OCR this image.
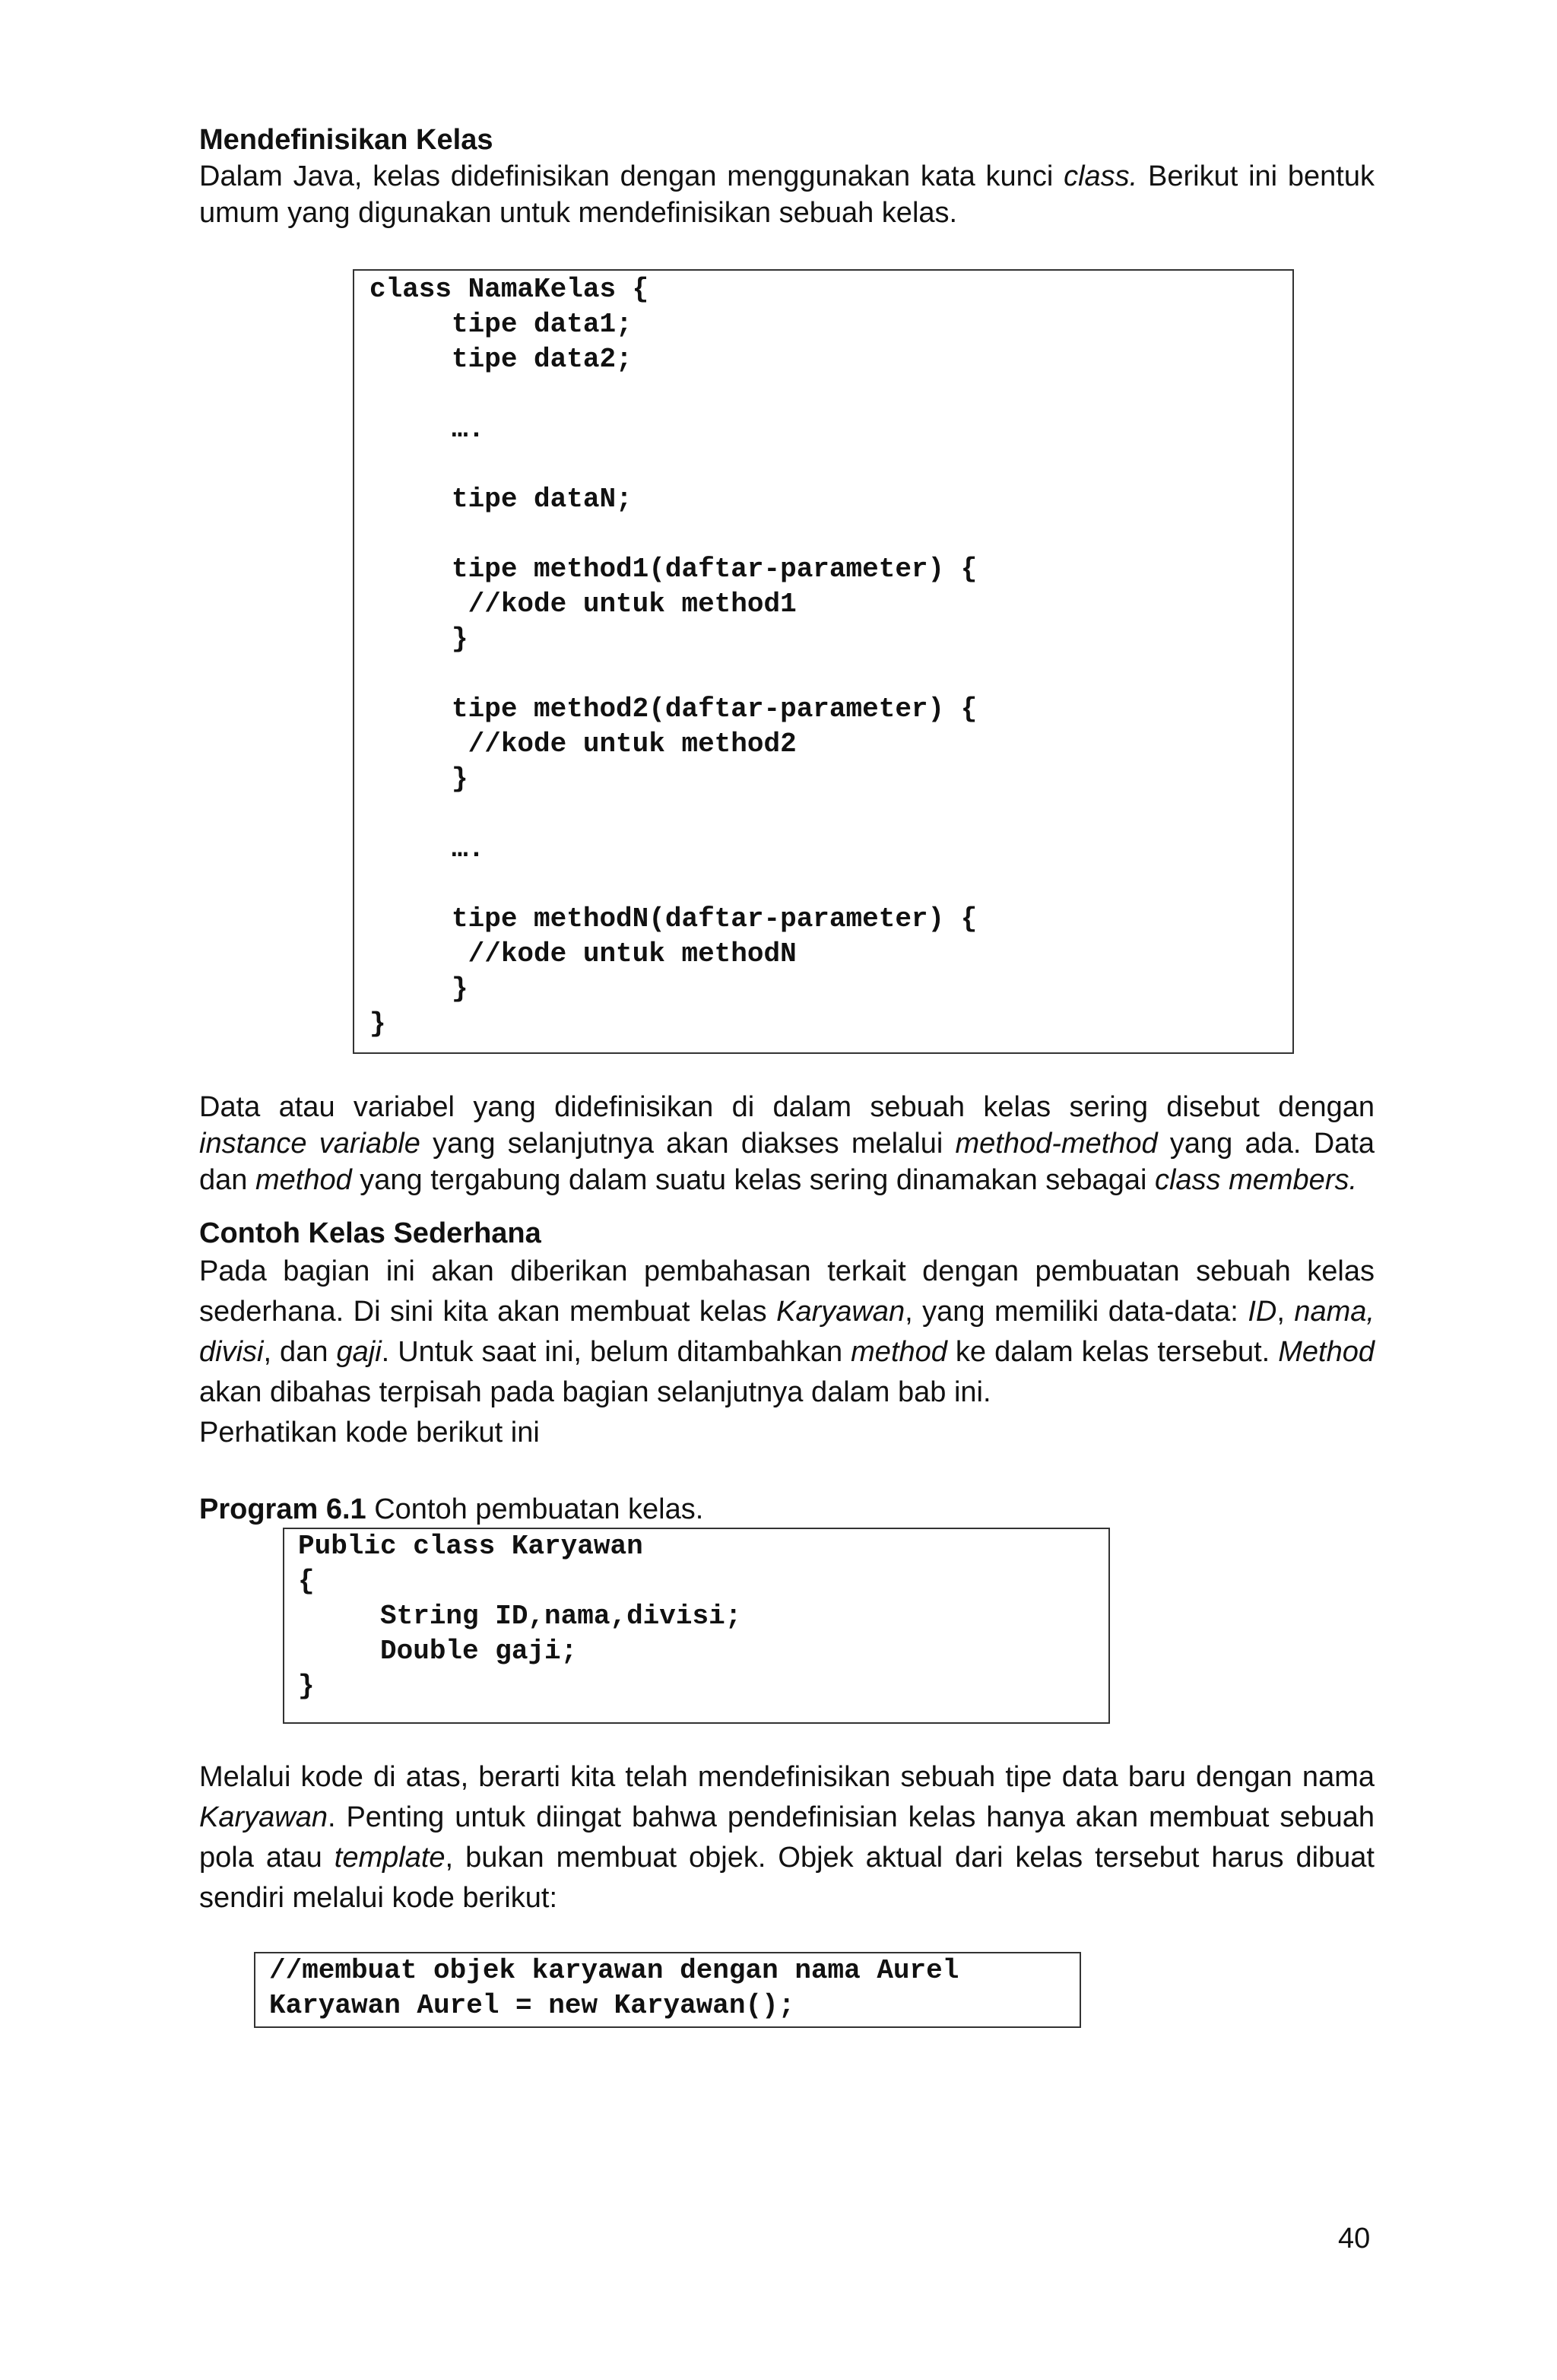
Mendefinisikan Kelas

Dalam Java, kelas didefinisikan dengan menggunakan kata kunci class. Berikut ini bentuk umum yang digunakan untuk mendefinisikan sebuah kelas.

class NamaKelas {
tipe data1;
tipe data2;
….
tipe dataN;
tipe method1(daftar-parameter) {
//kode untuk method1
}
tipe method2(daftar-parameter) {
//kode untuk method2
}
….
tipe methodN(daftar-parameter) {
//kode untuk methodN
}
}

Data atau variabel yang didefinisikan di dalam sebuah kelas sering disebut dengan instance variable yang selanjutnya akan diakses melalui method-method yang ada. Data dan method yang tergabung dalam suatu kelas sering dinamakan sebagai class members.

Contoh Kelas Sederhana

Pada bagian ini akan diberikan pembahasan terkait dengan pembuatan sebuah kelas sederhana. Di sini kita akan membuat kelas Karyawan, yang memiliki data-data: ID, nama, divisi, dan gaji. Untuk saat ini, belum ditambahkan method ke dalam kelas tersebut. Method akan dibahas terpisah pada bagian selanjutnya dalam bab ini.

Perhatikan kode berikut ini

Program 6.1 Contoh pembuatan kelas.

Public class Karyawan
{
String ID,nama,divisi;
Double gaji;
}

Melalui kode di atas, berarti kita telah mendefinisikan sebuah tipe data baru dengan nama Karyawan. Penting untuk diingat bahwa pendefinisian kelas hanya akan membuat sebuah pola atau template, bukan membuat objek. Objek aktual dari kelas tersebut harus dibuat sendiri melalui kode berikut:

//membuat objek karyawan dengan nama Aurel
Karyawan Aurel = new Karyawan();
40
